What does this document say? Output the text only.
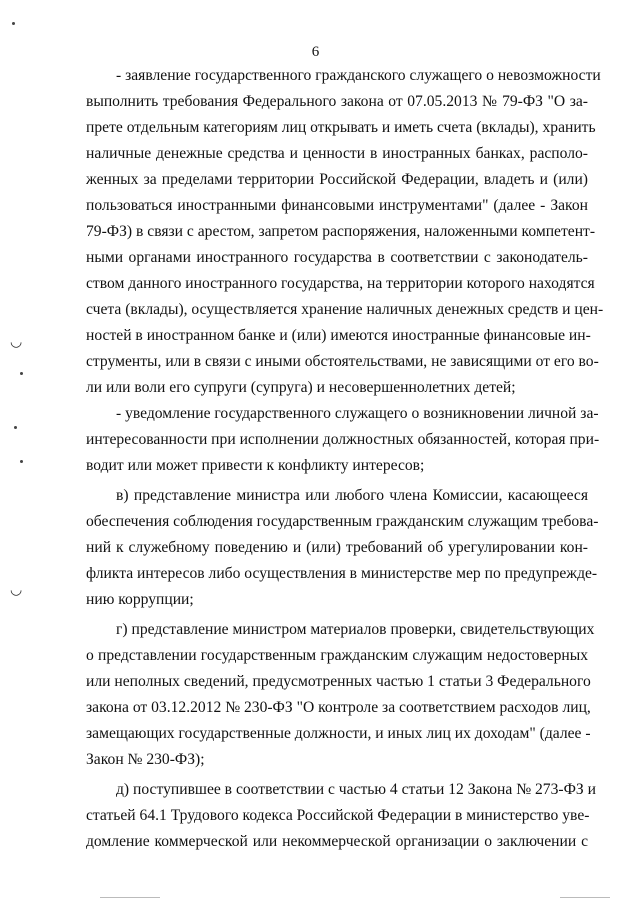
6
- заявление государственного гражданского служащего о невозможности
выполнить требования Федерального закона от 07.05.2013 № 79-ФЗ "О за-
прете отдельным категориям лиц открывать и иметь счета (вклады), хранить
наличные денежные средства и ценности в иностранных банках, располо-
женных за пределами территории Российской Федерации, владеть и (или)
пользоваться иностранными финансовыми инструментами" (далее - Закон
79-ФЗ) в связи с арестом, запретом распоряжения, наложенными компетент-
ными органами иностранного государства в соответствии с законодатель-
ством данного иностранного государства, на территории которого находятся
счета (вклады), осуществляется хранение наличных денежных средств и цен-
ностей в иностранном банке и (или) имеются иностранные финансовые ин-
струменты, или в связи с иными обстоятельствами, не зависящими от его во-
ли или воли его супруги (супруга) и несовершеннолетних детей;
- уведомление государственного служащего о возникновении личной за-
интересованности при исполнении должностных обязанностей, которая при-
водит или может привести к конфликту интересов;
в) представление министра или любого члена Комиссии, касающееся
обеспечения соблюдения государственным гражданским служащим требова-
ний к служебному поведению и (или) требований об урегулировании кон-
фликта интересов либо осуществления в министерстве мер по предупрежде-
нию коррупции;
г) представление министром материалов проверки, свидетельствующих
о представлении государственным гражданским служащим недостоверных
или неполных сведений, предусмотренных частью 1 статьи 3 Федерального
закона от 03.12.2012 № 230-ФЗ "О контроле за соответствием расходов лиц,
замещающих государственные должности, и иных лиц их доходам" (далее -
Закон № 230-ФЗ);
д) поступившее в соответствии с частью 4 статьи 12 Закона № 273-ФЗ и
статьей 64.1 Трудового кодекса Российской Федерации в министерство уве-
домление коммерческой или некоммерческой организации о заключении с
◡
◡
